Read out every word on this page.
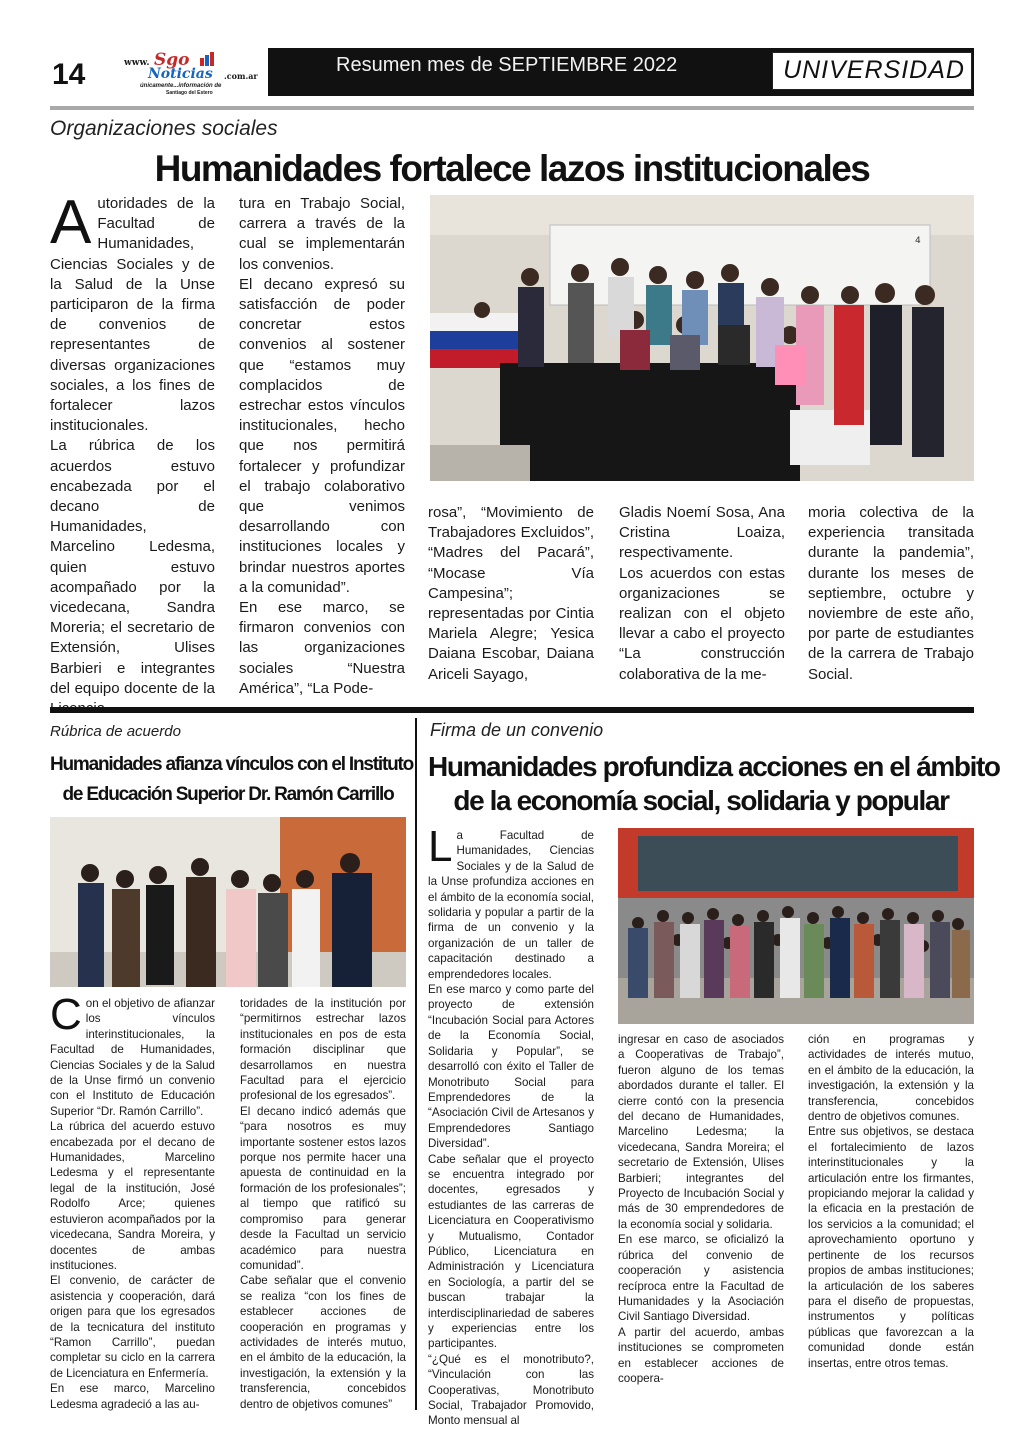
14	www. Sgo
Noticias .com.ar
únicamente...información de
Santiago del Estero
Resumen mes de SEPTIEMBRE 2022	UNIVERSIDAD
Organizaciones sociales
Humanidades fortalece lazos institucionales
Autoridades de la Facultad de Humanidades, Ciencias Sociales y de la Salud de la Unse participaron de la firma de convenios de representantes de diversas organizaciones sociales, a los fines de fortalecer lazos institucionales.
La rúbrica de los acuerdos estuvo encabezada por el decano de Humanidades, Marcelino Ledesma, quien estuvo acompañado por la vicedecana, Sandra Moreria; el secretario de Extensión, Ulises Barbieri e integrantes del equipo docente de la
tura en Trabajo Social, carrera a través de la cual se implementarán los convenios.
El decano expresó su satisfacción de poder concretar estos convenios al sostener que “estamos muy complacidos de estrechar estos vínculos institucionales, hecho que nos permitirá fortalecer y profundizar el trabajo colaborativo que venimos desarrollando con instituciones locales y brindar nuestros aportes a la comunidad”.
En ese marco, se firmaron convenios con las organizaciones sociales “Nuestra América”, “La Pode-
4
rosa”, “Movimiento de Trabajadores Excluidos”, “Madres del Pacará”, “Mocase Vía Campesina”; representadas por Cintia Mariela Alegre; Yesica Daiana Escobar, Daiana Ariceli Sayago,
Gladis Noemí Sosa, Ana Cristina Loaiza, respectivamente.
Los acuerdos con estas organizaciones se realizan con el objeto llevar a cabo el proyecto “La construcción colaborativa de la me-
moria colectiva de la experiencia transitada durante la pandemia”, durante los meses de septiembre, octubre y noviembre de este año, por parte de estudiantes de la carrera de Trabajo Social.
Rúbrica de acuerdo
Humanidades afianza vínculos con el Instituto
de Educación Superior Dr. Ramón Carrillo
Con el objetivo de afianzar los vínculos interinstitucionales, la Facultad de Humanidades, Ciencias Sociales y de la Salud de la Unse firmó un convenio con el Instituto de Educación Superior “Dr. Ramón Carrillo”.
La rúbrica del acuerdo estuvo encabezada por el decano de Humanidades, Marcelino Ledesma y el representante legal de la institución, José Rodolfo Arce; quienes estuvieron acompañados por la vicedecana, Sandra Moreira, y docentes de ambas instituciones.
El convenio, de carácter de asistencia y cooperación, dará origen para que los egresados de la tecnicatura del instituto “Ramon Carrillo”, puedan completar su ciclo en la carrera de Licenciatura en Enfermería.
En ese marco, Marcelino Ledesma agradeció a las au-
toridades de la institución por “permitirnos estrechar lazos institucionales en pos de esta formación disciplinar que desarrollamos en nuestra Facultad para el ejercicio profesional de los egresados”.
El decano indicó además que “para nosotros es muy importante sostener estos lazos porque nos permite hacer una apuesta de continuidad en la formación de los profesionales”; al tiempo que ratificó su compromiso para generar desde la Facultad un servicio académico para nuestra comunidad”.
Cabe señalar que el convenio se realiza “con los fines de establecer acciones de cooperación en programas y actividades de interés mutuo, en el ámbito de la educación, la investigación, la extensión y la transferencia, concebidos dentro de objetivos comunes”
Firma de un convenio
Humanidades profundiza acciones en el ámbito
de la economía social, solidaria y popular
La Facultad de Humanidades, Ciencias Sociales y de la Salud de la Unse profundiza acciones en el ámbito de la economía social, solidaria y popular a partir de la firma de un convenio y la organización de un taller de capacitación destinado a emprendedores locales.
En ese marco y como parte del proyecto de extensión “Incubación Social para Actores de la Economía Social, Solidaria y Popular”, se desarrolló con éxito el Taller de Monotributo Social para Emprendedores de la “Asociación Civil de Artesanos y Emprendedores Santiago Diversidad”.
Cabe señalar que el proyecto se encuentra integrado por docentes, egresados y estudiantes de las carreras de Licenciatura en Cooperativismo y Mutualismo, Contador Público, Licenciatura en Administración y Licenciatura en Sociología, a partir del se buscan trabajar la interdisciplinariedad de saberes y experiencias entre los participantes.
“¿Qué es el monotributo?, “Vinculación con las Cooperativas, Monotributo Social, Trabajador Promovido, Monto mensual al
ingresar en caso de asociados a Cooperativas de Trabajo”, fueron alguno de los temas abordados durante el taller. El cierre contó con la presencia del decano de Humanidades, Marcelino Ledesma; la vicedecana, Sandra Moreira; el secretario de Extensión, Ulises Barbieri; integrantes del Proyecto de Incubación Social y más de 30 emprendedores de la economía social y solidaria.
En ese marco, se oficializó la rúbrica del convenio de cooperación y asistencia recíproca entre la Facultad de Humanidades y la Asociación Civil Santiago Diversidad.
A partir del acuerdo, ambas instituciones se comprometen en establecer acciones de coopera-
ción en programas y actividades de interés mutuo, en el ámbito de la educación, la investigación, la extensión y la transferencia, concebidos dentro de objetivos comunes.
Entre sus objetivos, se destaca el fortalecimiento de lazos interinstitucionales y la articulación entre los firmantes, propiciando mejorar la calidad y la eficacia en la prestación de los servicios a la comunidad; el aprovechamiento oportuno y pertinente de los recursos propios de ambas instituciones; la articulación de los saberes para el diseño de propuestas, instrumentos y políticas públicas que favorezcan a la comunidad donde están insertas, entre otros temas.
